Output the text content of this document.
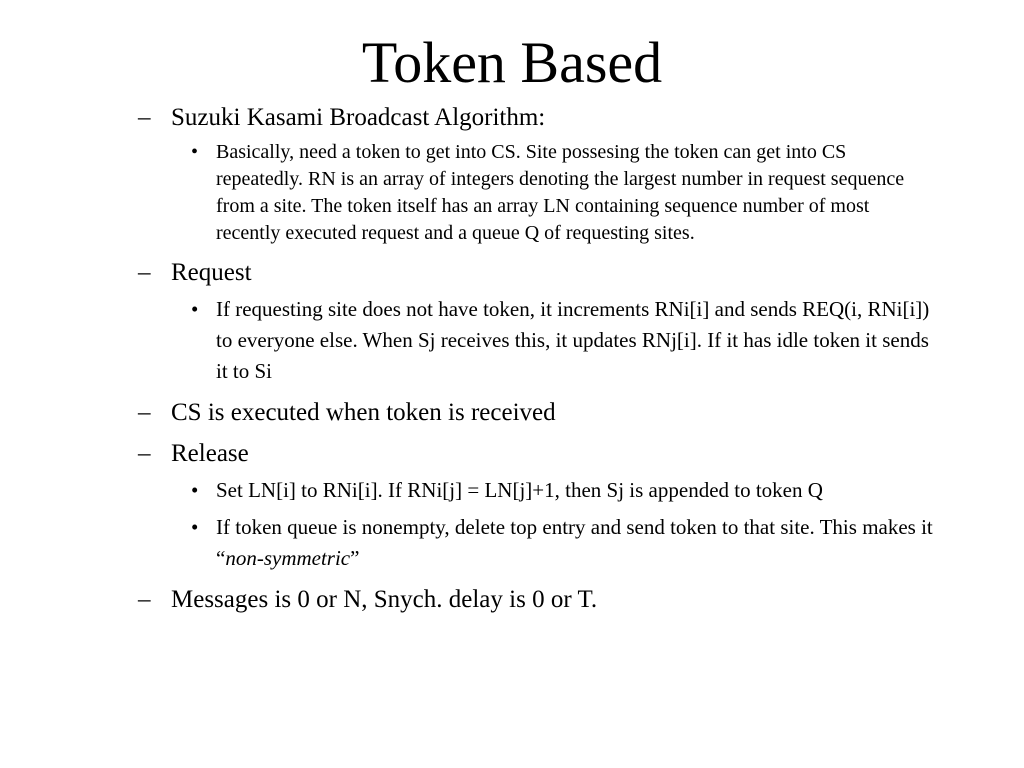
Token Based
– Suzuki Kasami Broadcast Algorithm:
• Basically, need a token to get into CS. Site possesing the token can get into CS repeatedly. RN is an array of integers denoting the largest number in request sequence from a site. The token itself has an array LN containing sequence number of most recently executed request and a queue Q of requesting sites.
– Request
• If requesting site does not have token, it increments RNi[i] and sends REQ(i, RNi[i]) to everyone else. When Sj receives this, it updates RNj[i]. If it has idle token it sends it to Si
– CS is executed when token is received
– Release
• Set LN[i] to RNi[i]. If RNi[j] = LN[j]+1, then Sj is appended to token Q
• If token queue is nonempty, delete top entry and send token to that site. This makes it “non-symmetric”
– Messages is 0 or N, Snych. delay is 0 or T.
